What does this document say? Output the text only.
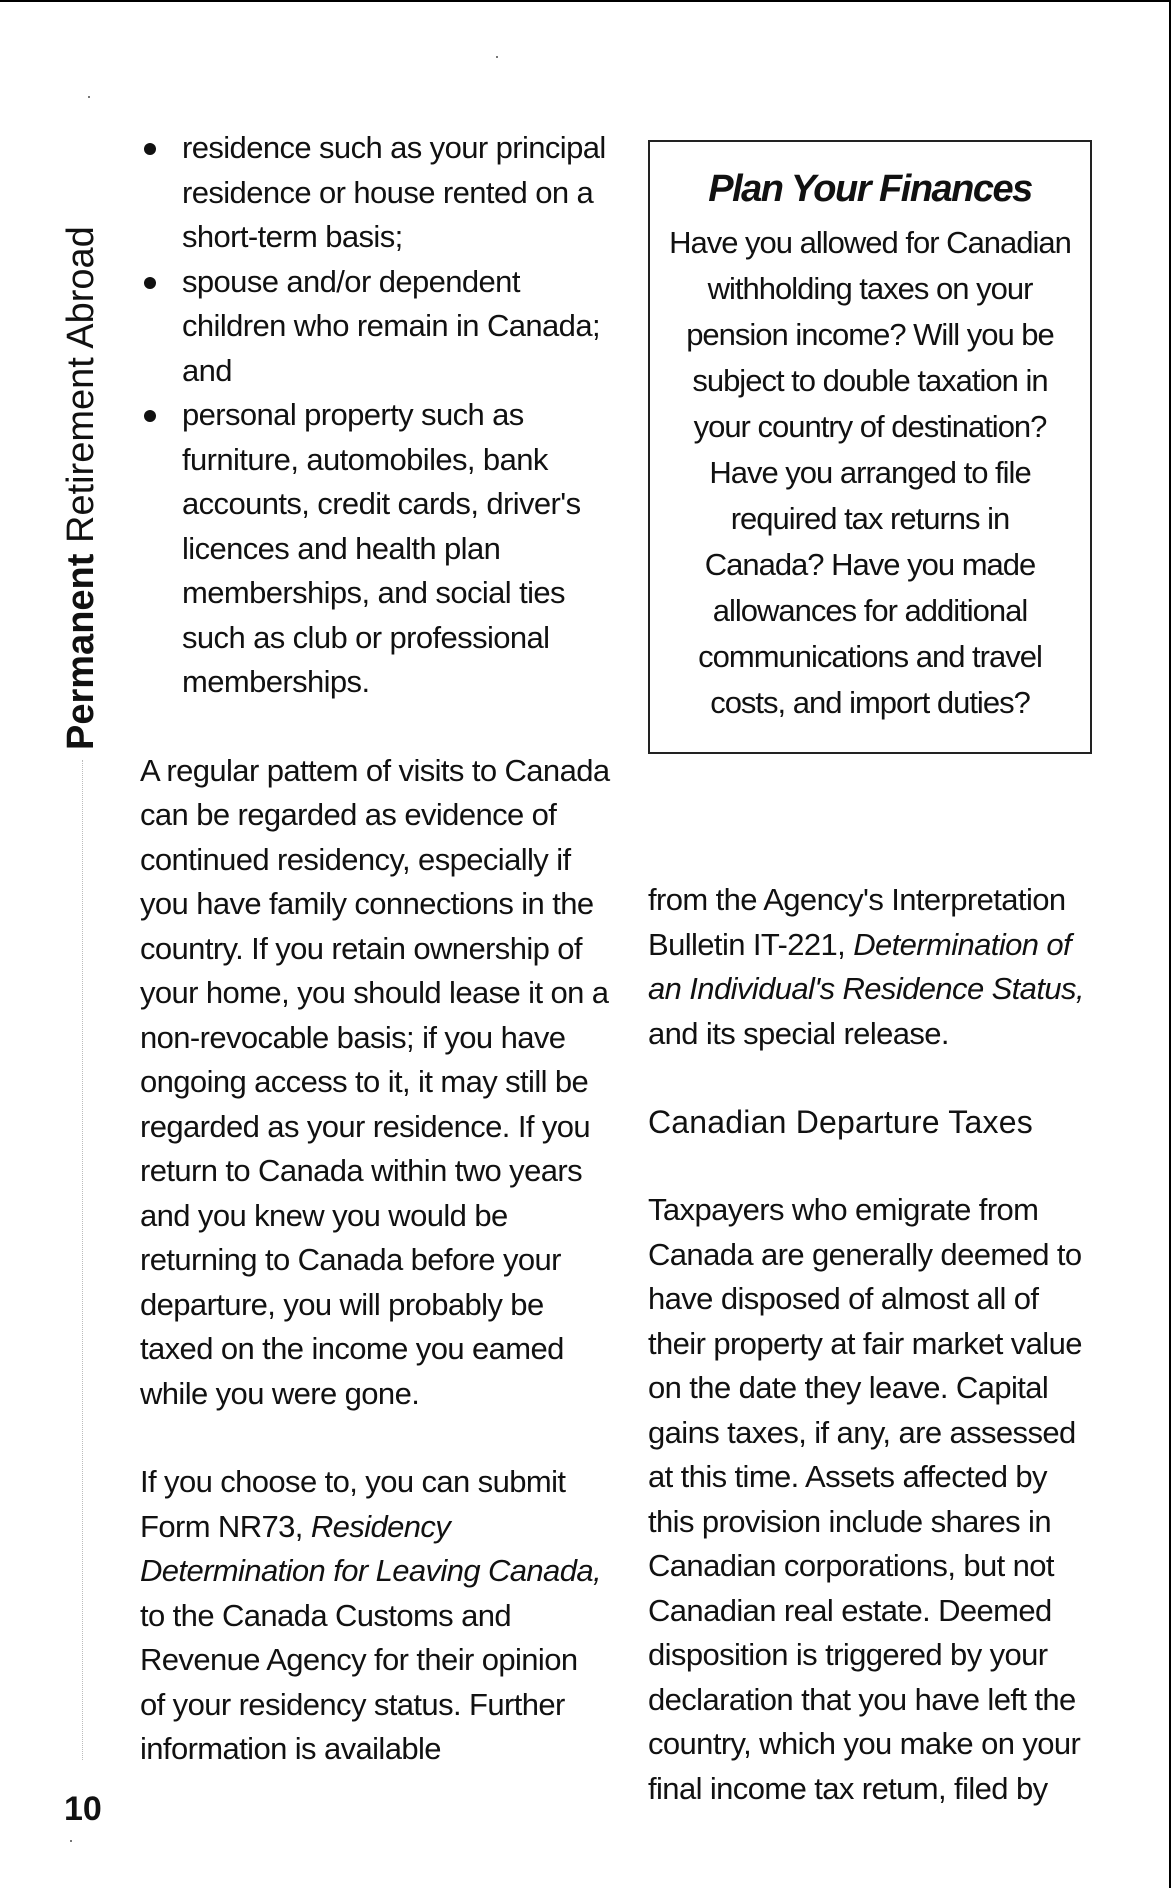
Permanent Retirement Abroad
10
residence such as your principal residence or house rented on a short-term basis;
spouse and/or dependent children who remain in Canada; and
personal property such as furniture, automobiles, bank accounts, credit cards, driver's licences and health plan memberships, and social ties such as club or professional memberships.

A regular pattem of visits to Canada can be regarded as evidence of continued residency, especially if you have family connections in the country. If you retain ownership of your home, you should lease it on a non-revocable basis; if you have ongoing access to it, it may still be regarded as your residence. If you return to Canada within two years and you knew you would be returning to Canada before your departure, you will probably be taxed on the income you eamed while you were gone.

If you choose to, you can submit Form NR73, Residency Determination for Leaving Canada, to the Canada Customs and Revenue Agency for their opinion of your residency status. Further information is available

Plan Your Finances
Have you allowed for Canadian withholding taxes on your pension income? Will you be subject to double taxation in your country of destination? Have you arranged to file required tax returns in Canada? Have you made allowances for additional communications and travel costs, and import duties?

from the Agency's Interpretation Bulletin IT-221, Determination of an Individual's Residence Status, and its special release.

Canadian Departure Taxes

Taxpayers who emigrate from Canada are generally deemed to have disposed of almost all of their property at fair market value on the date they leave. Capital gains taxes, if any, are assessed at this time. Assets affected by this provision include shares in Canadian corporations, but not Canadian real estate. Deemed disposition is triggered by your declaration that you have left the country, which you make on your final income tax retum, filed by
